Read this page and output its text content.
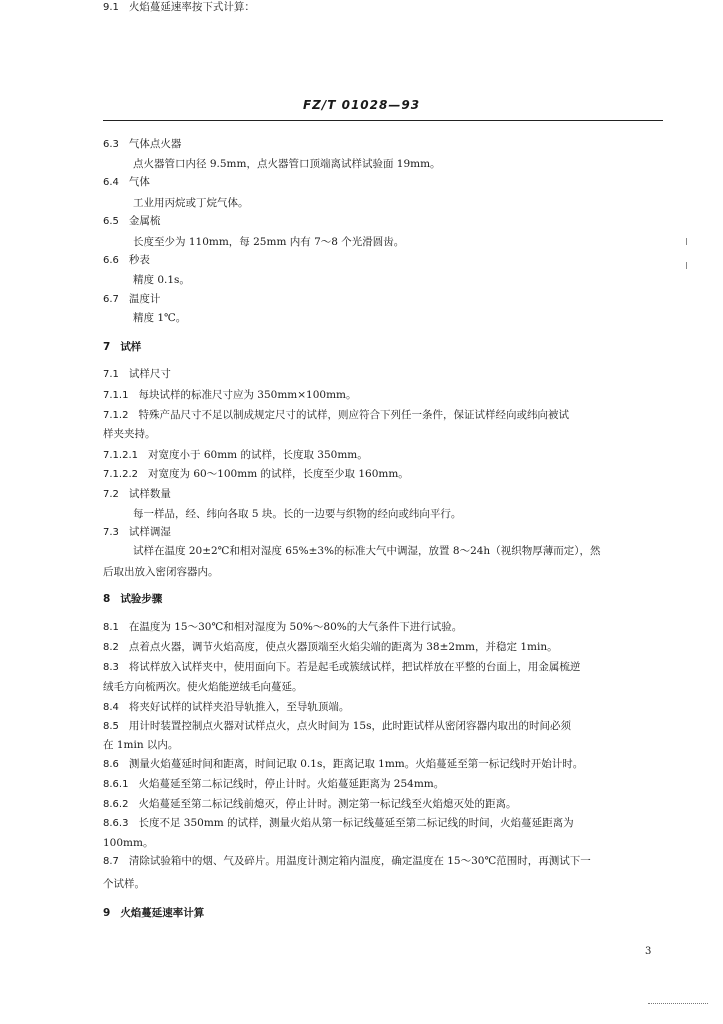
FZ/T 01028—93
6.3 气体点火器
点火器管口内径 9.5mm，点火器管口顶端离试样试验面 19mm。
6.4 气体
工业用丙烷或丁烷气体。
6.5 金属梳
长度至少为 110mm，每 25mm 内有 7～8 个光滑圆齿。
6.6 秒表
精度 0.1s。
6.7 温度计
精度 1℃。
7 试样
7.1 试样尺寸
7.1.1 每块试样的标准尺寸应为 350mm×100mm。
7.1.2 特殊产品尺寸不足以制成规定尺寸的试样，则应符合下列任一条件，保证试样经向或纬向被试
样夹夹持。
7.1.2.1 对宽度小于 60mm 的试样，长度取 350mm。
7.1.2.2 对宽度为 60～100mm 的试样，长度至少取 160mm。
7.2 试样数量
每一样品，经、纬向各取 5 块。长的一边要与织物的经向或纬向平行。
7.3 试样调湿
试样在温度 20±2℃和相对湿度 65%±3%的标准大气中调湿，放置 8～24h（视织物厚薄而定），然
后取出放入密闭容器内。
8 试验步骤
8.1 在温度为 15～30℃和相对湿度为 50%～80%的大气条件下进行试验。
8.2 点着点火器，调节火焰高度，使点火器顶端至火焰尖端的距离为 38±2mm，并稳定 1min。
8.3 将试样放入试样夹中，使用面向下。若是起毛或簇绒试样，把试样放在平整的台面上，用金属梳逆
绒毛方向梳两次。使火焰能逆绒毛向蔓延。
8.4 将夹好试样的试样夹沿导轨推入，至导轨顶端。
8.5 用计时装置控制点火器对试样点火，点火时间为 15s，此时距试样从密闭容器内取出的时间必须
在 1min 以内。
8.6 测量火焰蔓延时间和距离，时间记取 0.1s，距离记取 1mm。火焰蔓延至第一标记线时开始计时。
8.6.1 火焰蔓延至第二标记线时，停止计时。火焰蔓延距离为 254mm。
8.6.2 火焰蔓延至第二标记线前熄灭，停止计时。测定第一标记线至火焰熄灭处的距离。
8.6.3 长度不足 350mm 的试样，测量火焰从第一标记线蔓延至第二标记线的时间，火焰蔓延距离为
100mm。
8.7 清除试验箱中的烟、气及碎片。用温度计测定箱内温度，确定温度在 15～30℃范围时，再测试下一
个试样。
9 火焰蔓延速率计算
9.1 火焰蔓延速率按下式计算：
3
